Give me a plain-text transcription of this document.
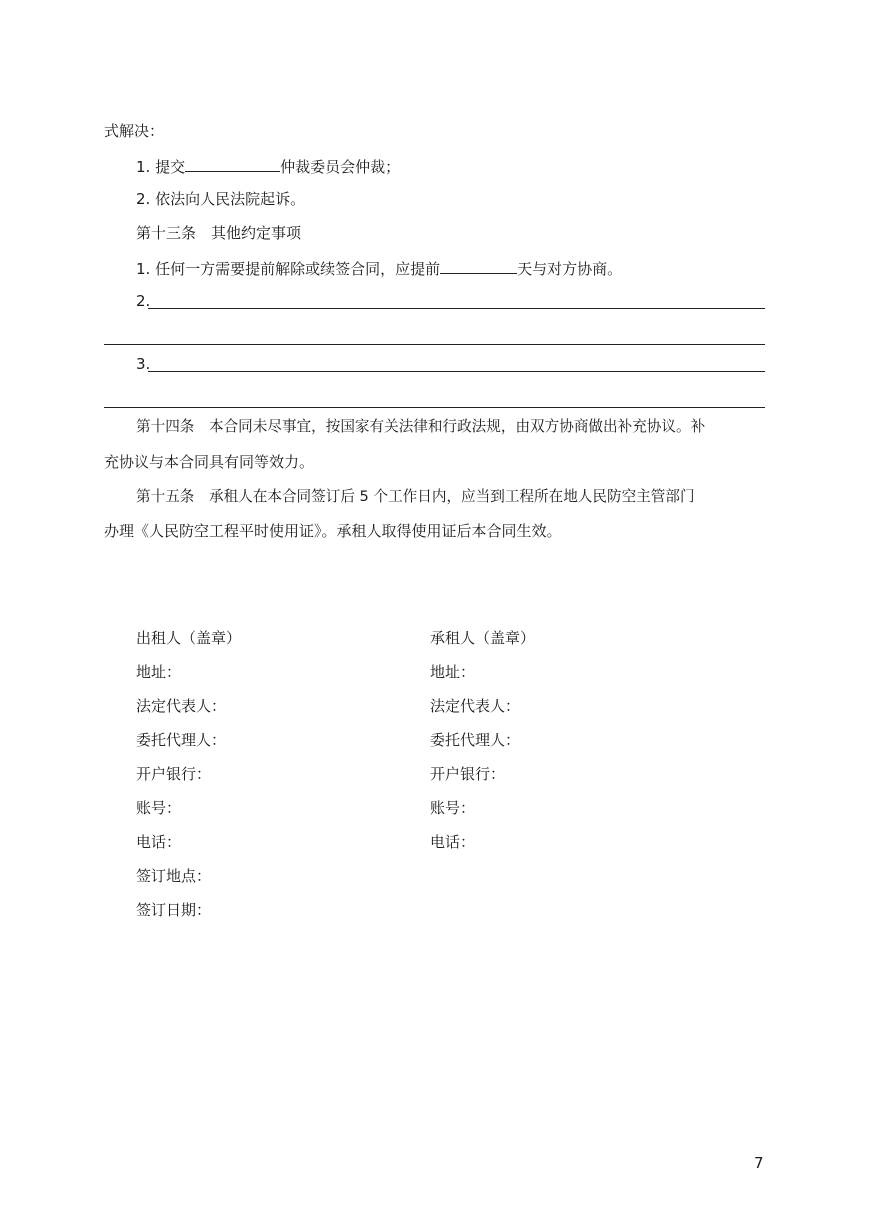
式解决：
1. 提交	仲裁委员会仲裁；
2. 依法向人民法院起诉。
第十三条　其他约定事项
1. 任何一方需要提前解除或续签合同，应提前	天与对方协商。
2.
3.
第十四条　本合同未尽事宜，按国家有关法律和行政法规，由双方协商做出补充协议。补
充协议与本合同具有同等效力。
第十五条　承租人在本合同签订后 5 个工作日内，应当到工程所在地人民防空主管部门
办理《人民防空工程平时使用证》。承租人取得使用证后本合同生效。
出租人（盖章）
地址：
法定代表人：
委托代理人：
开户银行：
账号：
电话：
承租人（盖章）
地址：
法定代表人：
委托代理人：
开户银行：
账号：
电话：
签订地点：
签订日期：
7
